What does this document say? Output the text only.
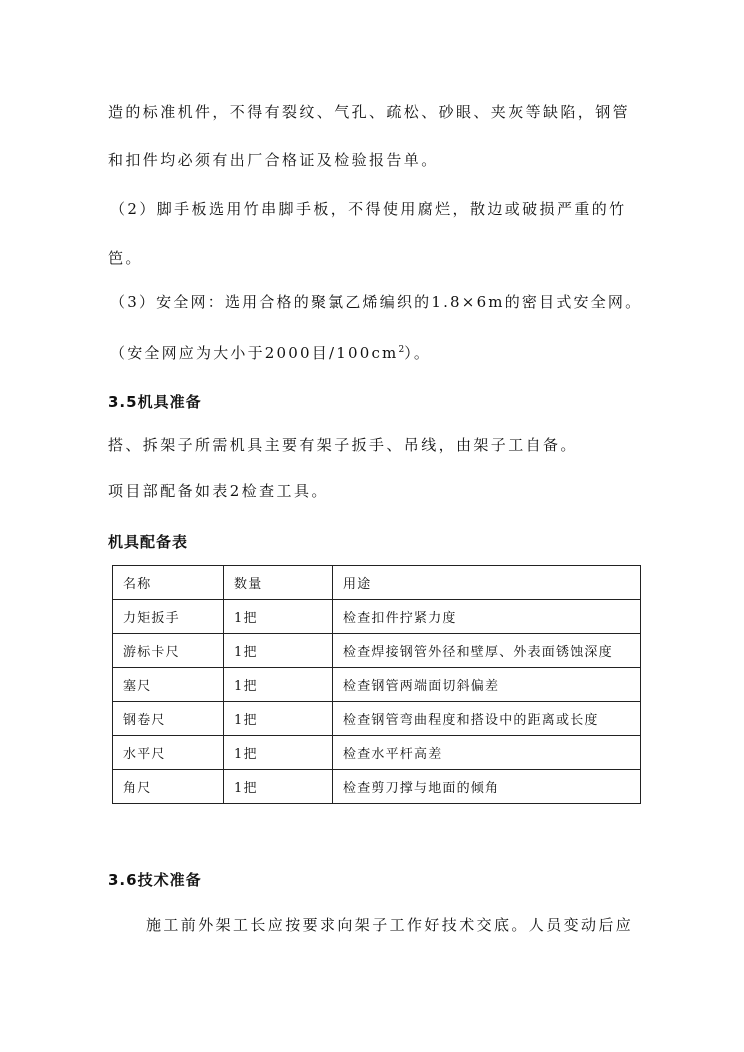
造的标准机件，不得有裂纹、气孔、疏松、砂眼、夹灰等缺陷，钢管
和扣件均必须有出厂合格证及检验报告单。
（2）脚手板选用竹串脚手板，不得使用腐烂，散边或破损严重的竹
笆。
（3）安全网：选用合格的聚氯乙烯编织的1.8×6m的密目式安全网。
（安全网应为大小于2000目$/100cm^2$）。
3.5机具准备
搭、拆架子所需机具主要有架子扳手、吊线，由架子工自备。
项目部配备如表2检查工具。
机具配备表
名称	数量	用途
力矩扳手	1把	检查扣件拧紧力度
游标卡尺	1把	检查焊接钢管外径和壁厚、外表面锈蚀深度
塞尺	1把	检查钢管两端面切斜偏差
钢卷尺	1把	检查钢管弯曲程度和搭设中的距离或长度
水平尺	1把	检查水平杆高差
角尺	1把	检查剪刀撑与地面的倾角
3.6技术准备
施工前外架工长应按要求向架子工作好技术交底。人员变动后应
